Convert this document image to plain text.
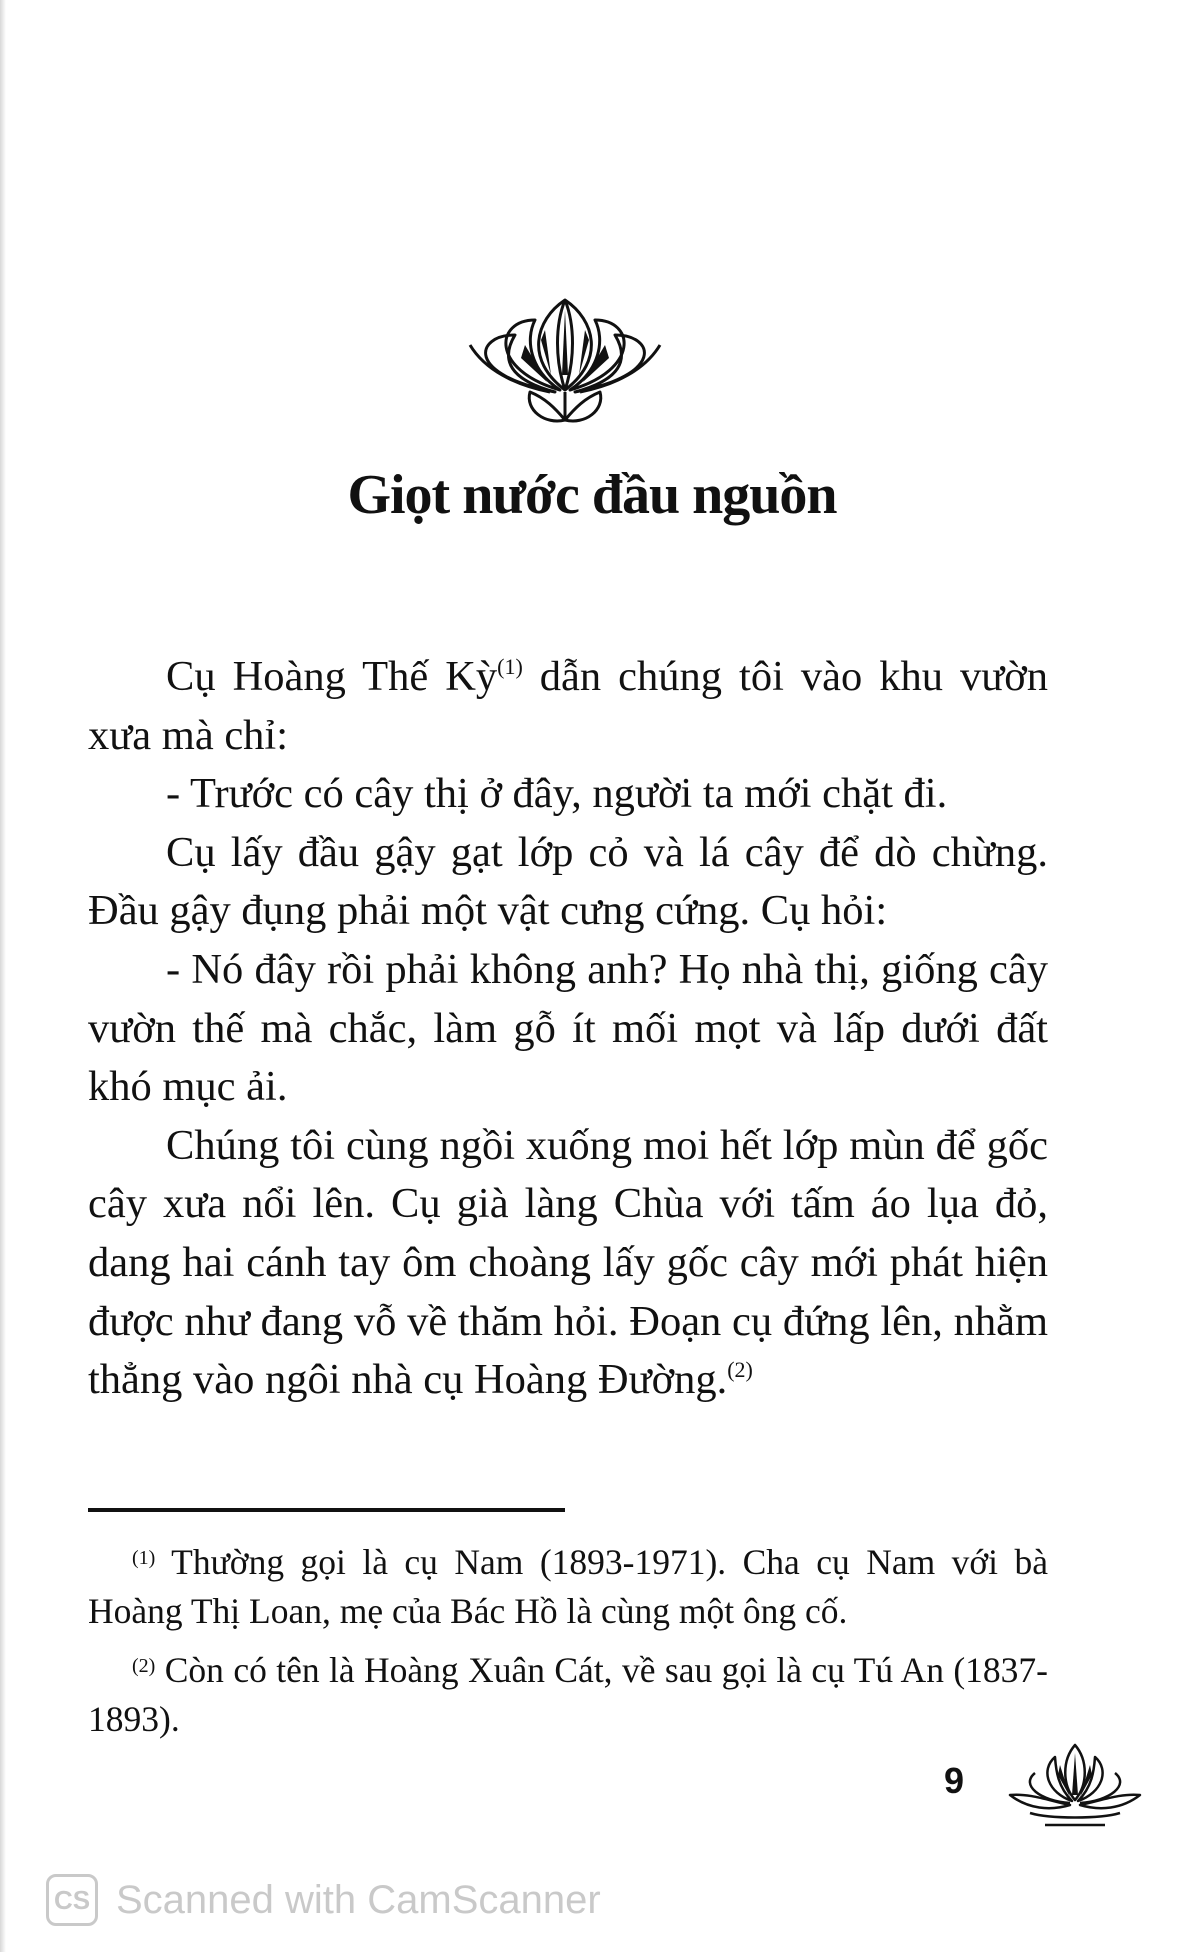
Giọt nước đầu nguồn

Cụ Hoàng Thế Kỳ$^{(1)}$ dẫn chúng tôi vào khu vườn xưa mà chỉ:

- Trước có cây thị ở đây, người ta mới chặt đi.

Cụ lấy đầu gậy gạt lớp cỏ và lá cây để dò chừng. Đầu gậy đụng phải một vật cưng cứng. Cụ hỏi:

- Nó đây rồi phải không anh? Họ nhà thị, giống cây vườn thế mà chắc, làm gỗ ít mối mọt và lấp dưới đất khó mục ải.

Chúng tôi cùng ngồi xuống moi hết lớp mùn để gốc cây xưa nổi lên. Cụ già làng Chùa với tấm áo lụa đỏ, dang hai cánh tay ôm choàng lấy gốc cây mới phát hiện được như đang vỗ về thăm hỏi. Đoạn cụ đứng lên, nhằm thẳng vào ngôi nhà cụ Hoàng Đường.$^{(2)}$

$^{(1)}$ Thường gọi là cụ Nam (1893-1971). Cha cụ Nam với bà Hoàng Thị Loan, mẹ của Bác Hồ là cùng một ông cố.

$^{(2)}$ Còn có tên là Hoàng Xuân Cát, về sau gọi là cụ Tú An (1837-1893).

9
CS Scanned with CamScanner
